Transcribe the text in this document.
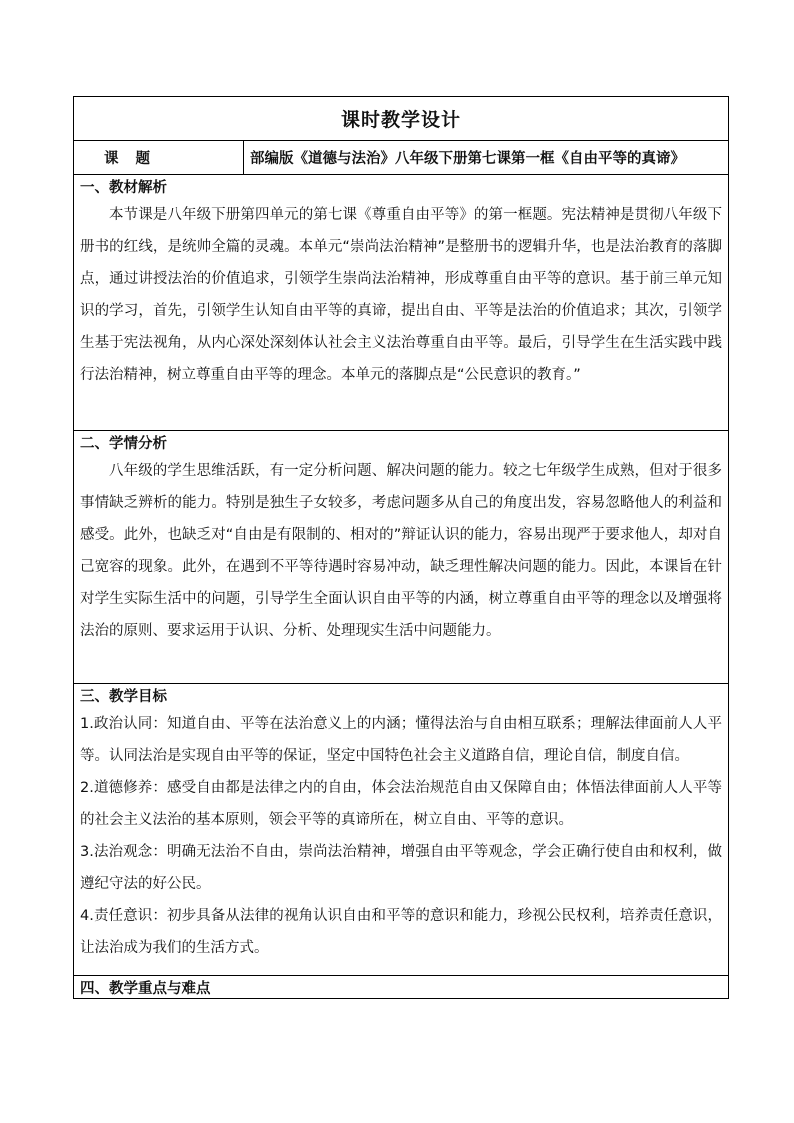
课时教学设计
课 题	部编版《道德与法治》八年级下册第七课第一框《自由平等的真谛》
一、教材解析

本节课是八年级下册第四单元的第七课《尊重自由平等》的第一框题。宪法精神是贯彻八年级下册书的红线，是统帅全篇的灵魂。本单元“崇尚法治精神”是整册书的逻辑升华，也是法治教育的落脚点，通过讲授法治的价值追求，引领学生崇尚法治精神，形成尊重自由平等的意识。基于前三单元知识的学习，首先，引领学生认知自由平等的真谛，提出自由、平等是法治的价值追求；其次，引领学生基于宪法视角，从内心深处深刻体认社会主义法治尊重自由平等。最后，引导学生在生活实践中践行法治精神，树立尊重自由平等的理念。本单元的落脚点是“公民意识的教育。”

二、学情分析

八年级的学生思维活跃，有一定分析问题、解决问题的能力。较之七年级学生成熟，但对于很多事情缺乏辨析的能力。特别是独生子女较多，考虑问题多从自己的角度出发，容易忽略他人的利益和感受。此外，也缺乏对“自由是有限制的、相对的”辩证认识的能力，容易出现严于要求他人，却对自己宽容的现象。此外，在遇到不平等待遇时容易冲动，缺乏理性解决问题的能力。因此，本课旨在针对学生实际生活中的问题，引导学生全面认识自由平等的内涵，树立尊重自由平等的理念以及增强将法治的原则、要求运用于认识、分析、处理现实生活中问题能力。

三、教学目标

1.政治认同：知道自由、平等在法治意义上的内涵；懂得法治与自由相互联系；理解法律面前人人平等。认同法治是实现自由平等的保证，坚定中国特色社会主义道路自信，理论自信，制度自信。

2.道德修养：感受自由都是法律之内的自由，体会法治规范自由又保障自由；体悟法律面前人人平等的社会主义法治的基本原则，领会平等的真谛所在，树立自由、平等的意识。

3.法治观念：明确无法治不自由，崇尚法治精神，增强自由平等观念，学会正确行使自由和权利，做遵纪守法的好公民。

4.责任意识：初步具备从法律的视角认识自由和平等的意识和能力，珍视公民权利，培养责任意识， 让法治成为我们的生活方式。

四、教学重点与难点
